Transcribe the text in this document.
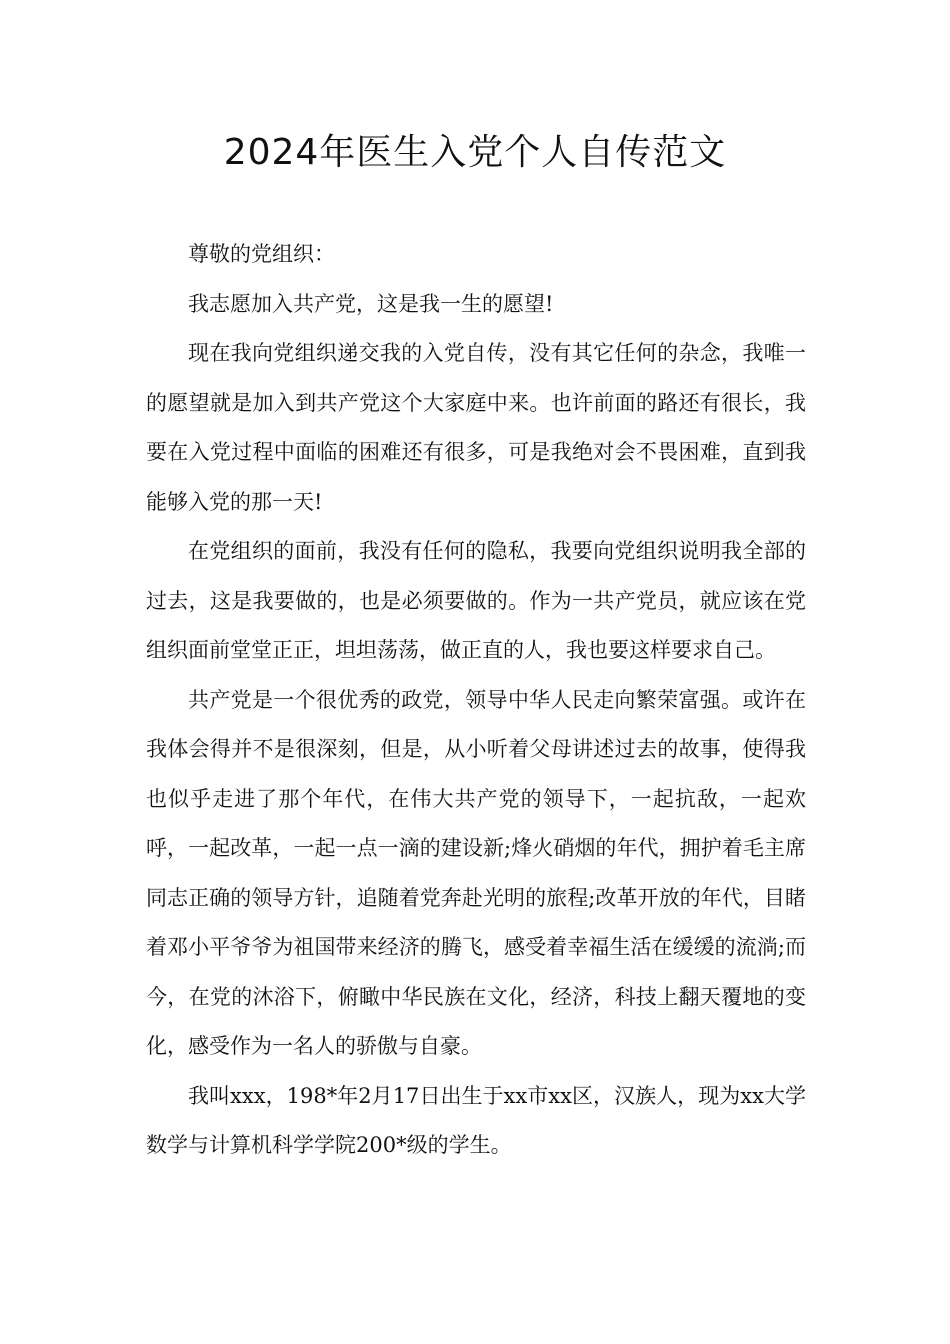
2024年医生入党个人自传范文

尊敬的党组织：

我志愿加入共产党，这是我一生的愿望!

现在我向党组织递交我的入党自传，没有其它任何的杂念，我唯一的愿望就是加入到共产党这个大家庭中来。也许前面的路还有很长，我要在入党过程中面临的困难还有很多，可是我绝对会不畏困难，直到我能够入党的那一天!

在党组织的面前，我没有任何的隐私，我要向党组织说明我全部的过去，这是我要做的，也是必须要做的。作为一共产党员，就应该在党组织面前堂堂正正，坦坦荡荡，做正直的人，我也要这样要求自己。

共产党是一个很优秀的政党，领导中华人民走向繁荣富强。或许在我体会得并不是很深刻，但是，从小听着父母讲述过去的故事，使得我也似乎走进了那个年代，在伟大共产党的领导下，一起抗敌，一起欢呼，一起改革，一起一点一滴的建设新;烽火硝烟的年代，拥护着毛主席同志正确的领导方针，追随着党奔赴光明的旅程;改革开放的年代，目睹着邓小平爷爷为祖国带来经济的腾飞，感受着幸福生活在缓缓的流淌;而今，在党的沐浴下，俯瞰中华民族在文化，经济，科技上翻天覆地的变化，感受作为一名人的骄傲与自豪。

我叫xxx，198*年2月17日出生于xx市xx区，汉族人，现为xx大学数学与计算机科学学院200*级的学生。
